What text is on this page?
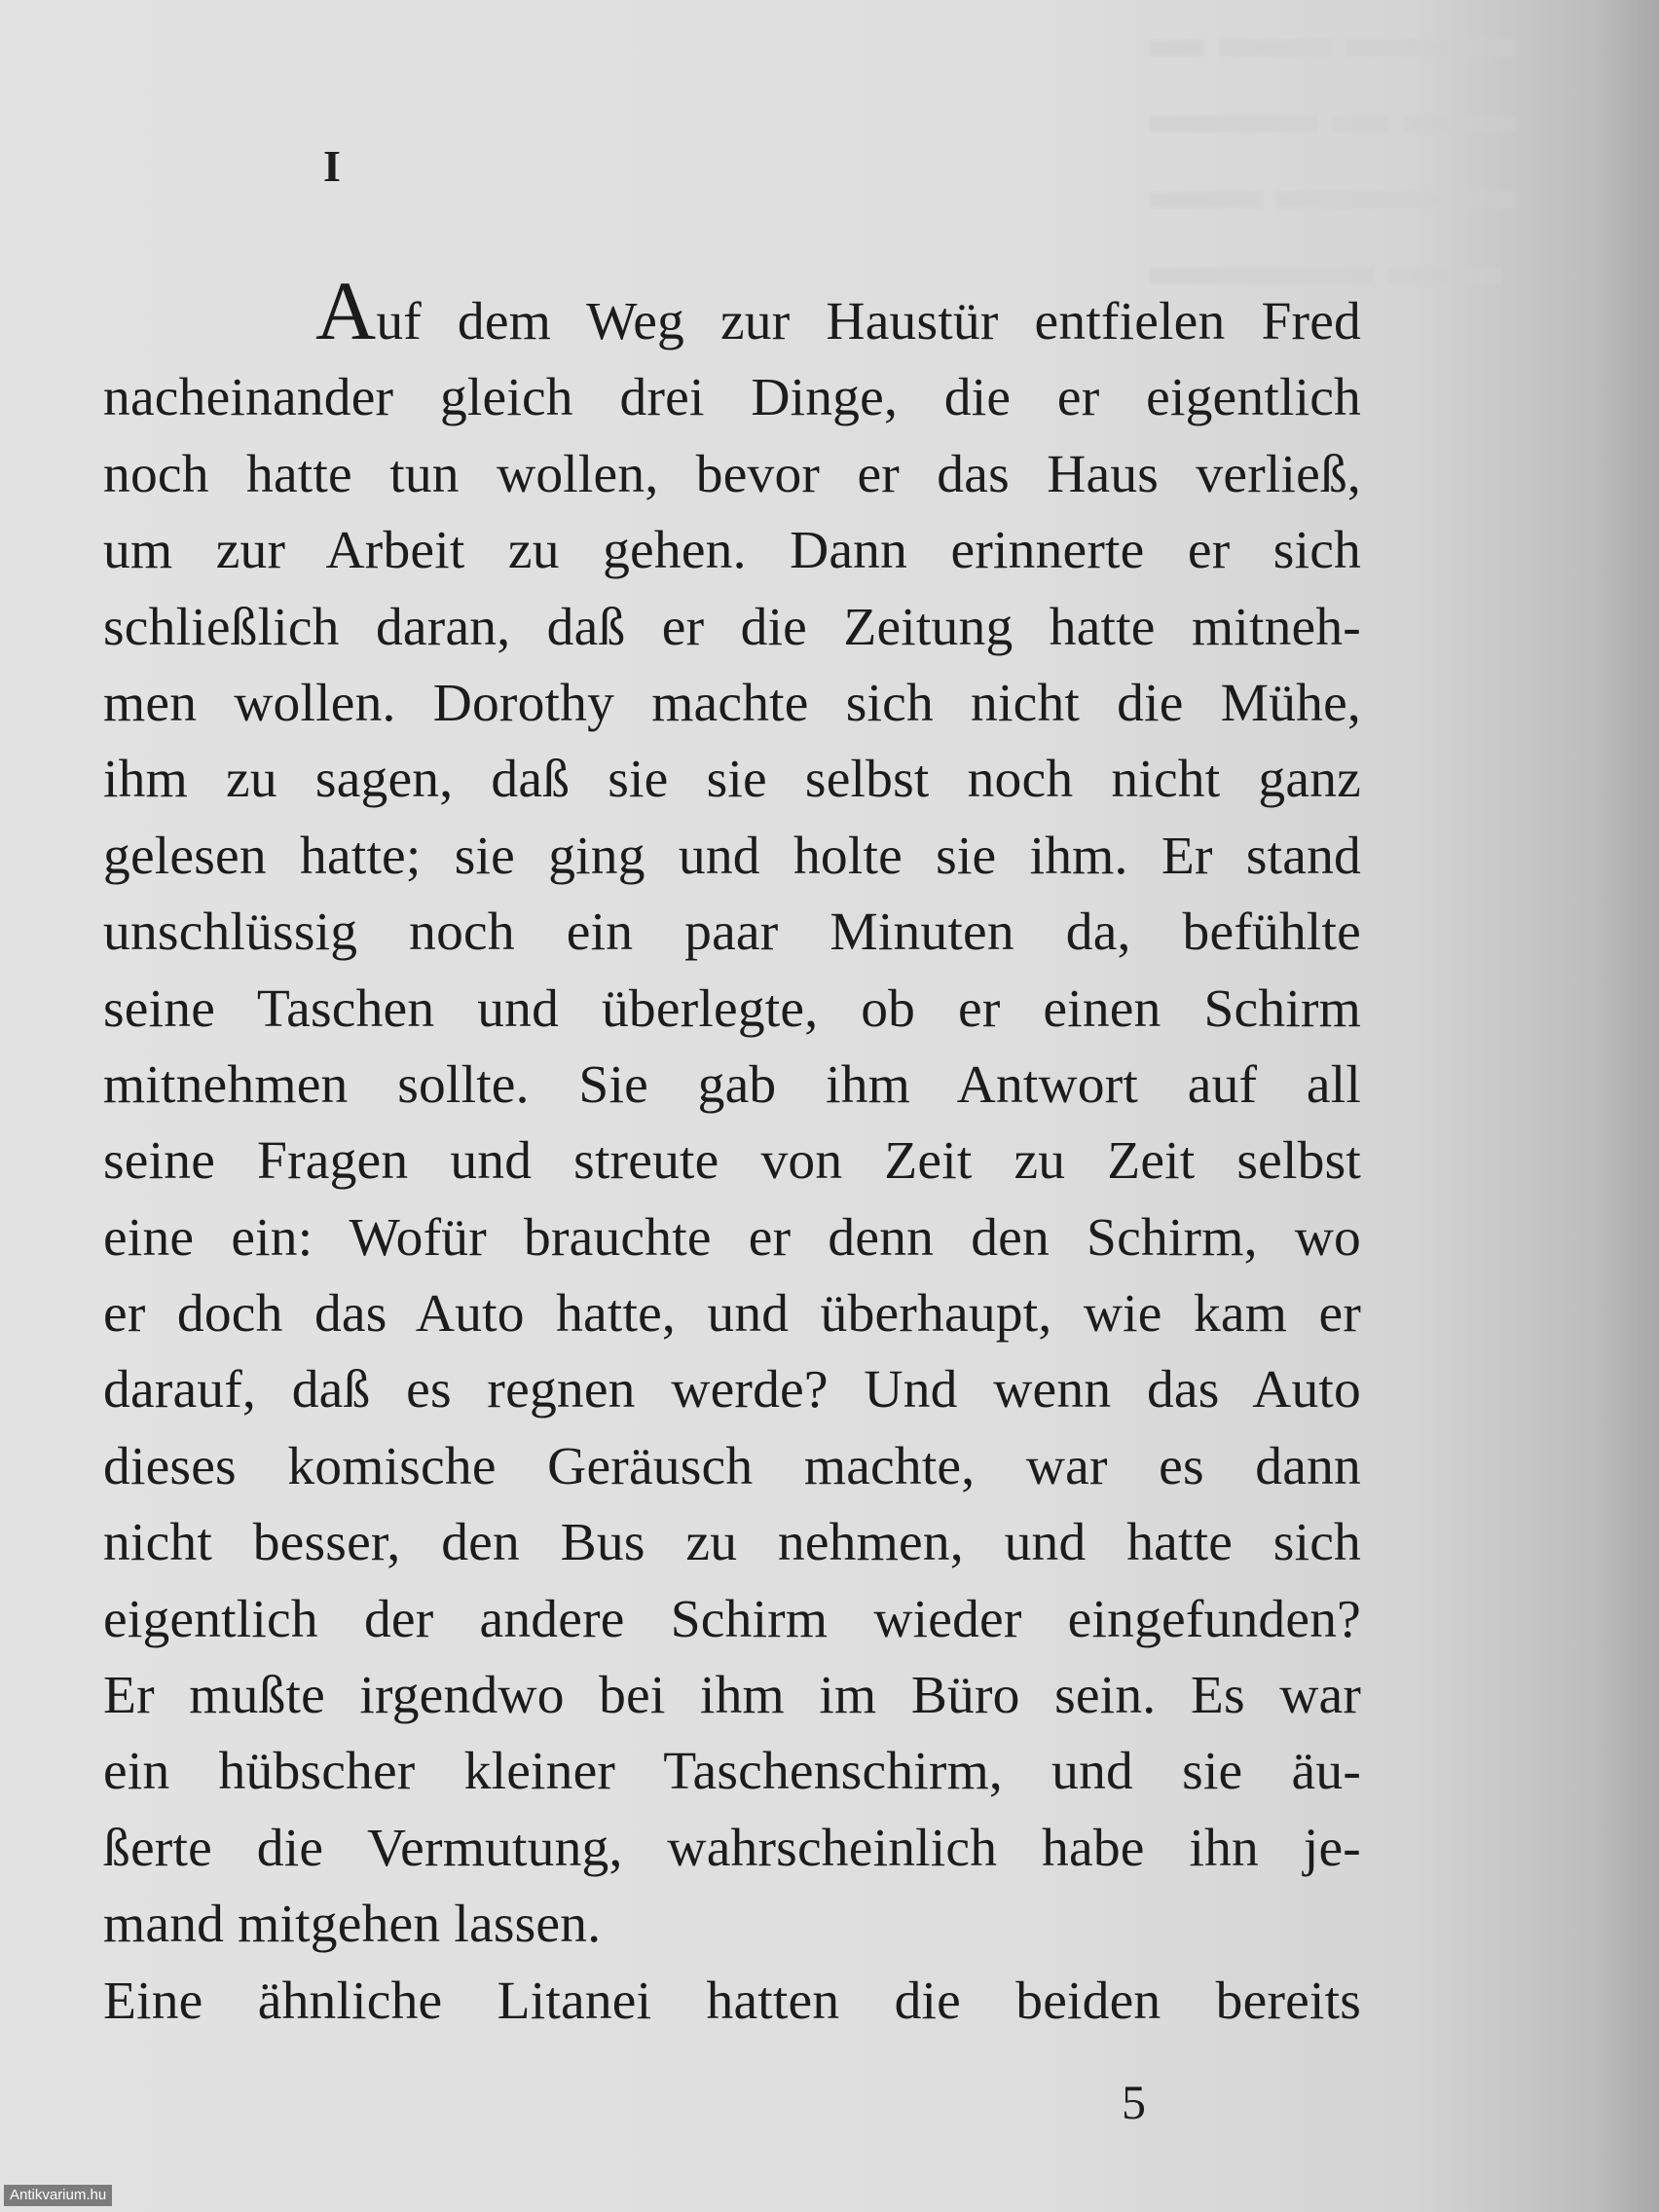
▬ ▬▬ ▬▬▬
▬▬▬ ▬ ▬▬
▬▬ ▬▬▬ ▬
▬▬▬▬ ▬▬
I
Auf dem Weg zur Haustür entfielen Fred
nacheinander gleich drei Dinge, die er eigentlich
noch hatte tun wollen, bevor er das Haus verließ,
um zur Arbeit zu gehen. Dann erinnerte er sich
schließlich daran, daß er die Zeitung hatte mitneh-
men wollen. Dorothy machte sich nicht die Mühe,
ihm zu sagen, daß sie sie selbst noch nicht ganz
gelesen hatte; sie ging und holte sie ihm. Er stand
unschlüssig noch ein paar Minuten da, befühlte
seine Taschen und überlegte, ob er einen Schirm
mitnehmen sollte. Sie gab ihm Antwort auf all
seine Fragen und streute von Zeit zu Zeit selbst
eine ein: Wofür brauchte er denn den Schirm, wo
er doch das Auto hatte, und überhaupt, wie kam er
darauf, daß es regnen werde? Und wenn das Auto
dieses komische Geräusch machte, war es dann
nicht besser, den Bus zu nehmen, und hatte sich
eigentlich der andere Schirm wieder eingefunden?
Er mußte irgendwo bei ihm im Büro sein. Es war
ein hübscher kleiner Taschenschirm, und sie äu-
ßerte die Vermutung, wahrscheinlich habe ihn je-
mand mitgehen lassen.
Eine ähnliche Litanei hatten die beiden bereits
5
Antikvarium.hu
